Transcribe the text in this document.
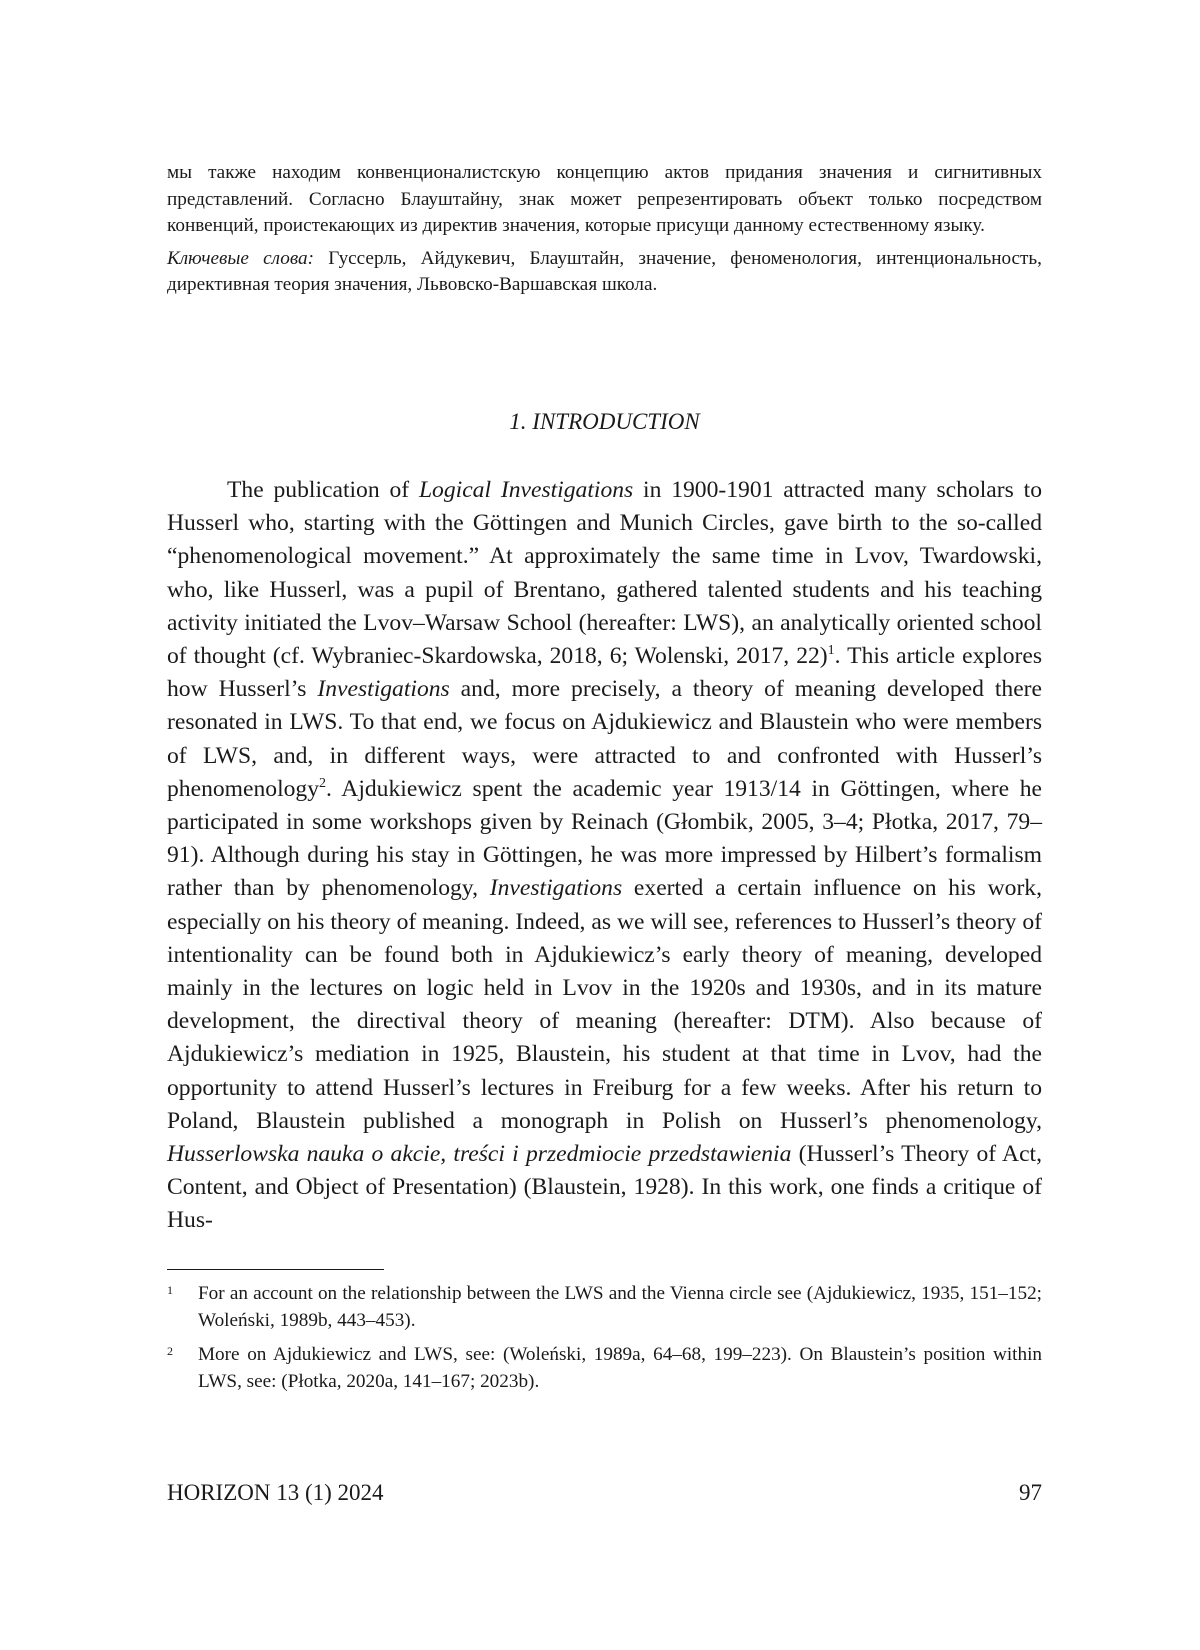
мы также находим конвенционалистскую концепцию актов придания значения и сигнитивных представлений. Согласно Блауштайну, знак может репрезентировать объект только посредством конвенций, проистекающих из директив значения, которые присущи данному естественному языку.

Ключевые слова: Гуссерль, Айдукевич, Блауштайн, значение, феноменология, интенциональность, директивная теория значения, Львовско-Варшавская школа.

1. INTRODUCTION

The publication of Logical Investigations in 1900-1901 attracted many scholars to Husserl who, starting with the Göttingen and Munich Circles, gave birth to the so-called “phenomenological movement.” At approximately the same time in Lvov, Twardowski, who, like Husserl, was a pupil of Brentano, gathered talented students and his teaching activity initiated the Lvov–Warsaw School (hereafter: LWS), an analytically oriented school of thought (cf. Wybraniec-Skardowska, 2018, 6; Wolenski, 2017, 22)$^1$. This article explores how Husserl’s Investigations and, more precisely, a theory of meaning developed there resonated in LWS. To that end, we focus on Ajdukiewicz and Blaustein who were members of LWS, and, in different ways, were attracted to and confronted with Husserl’s phenomenology$^2$. Ajdukiewicz spent the academic year 1913/14 in Göttingen, where he participated in some workshops given by Reinach (Głombik, 2005, 3–4; Płotka, 2017, 79–91). Although during his stay in Göttingen, he was more impressed by Hilbert’s formalism rather than by phenomenology, Investigations exerted a certain influence on his work, especially on his theory of meaning. Indeed, as we will see, references to Husserl’s theory of intentionality can be found both in Ajdukiewicz’s early theory of meaning, developed mainly in the lectures on logic held in Lvov in the 1920s and 1930s, and in its mature development, the directival theory of meaning (hereafter: DTM). Also because of Ajdukiewicz’s mediation in 1925, Blaustein, his student at that time in Lvov, had the opportunity to attend Husserl’s lectures in Freiburg for a few weeks. After his return to Poland, Blaustein published a monograph in Polish on Husserl’s phenomenology, Husserlowska nauka o akcie, treści i przedmiocie przedstawienia (Husserl’s Theory of Act, Content, and Object of Presentation) (Blaustein, 1928). In this work, one finds a critique of Hus-

1	For an account on the relationship between the LWS and the Vienna circle see (Ajdukiewicz, 1935, 151–152; Woleński, 1989b, 443–453).
2	More on Ajdukiewicz and LWS, see: (Woleński, 1989a, 64–68, 199–223). On Blaustein’s position within LWS, see: (Płotka, 2020a, 141–167; 2023b).
HORIZON 13 (1) 2024	97
